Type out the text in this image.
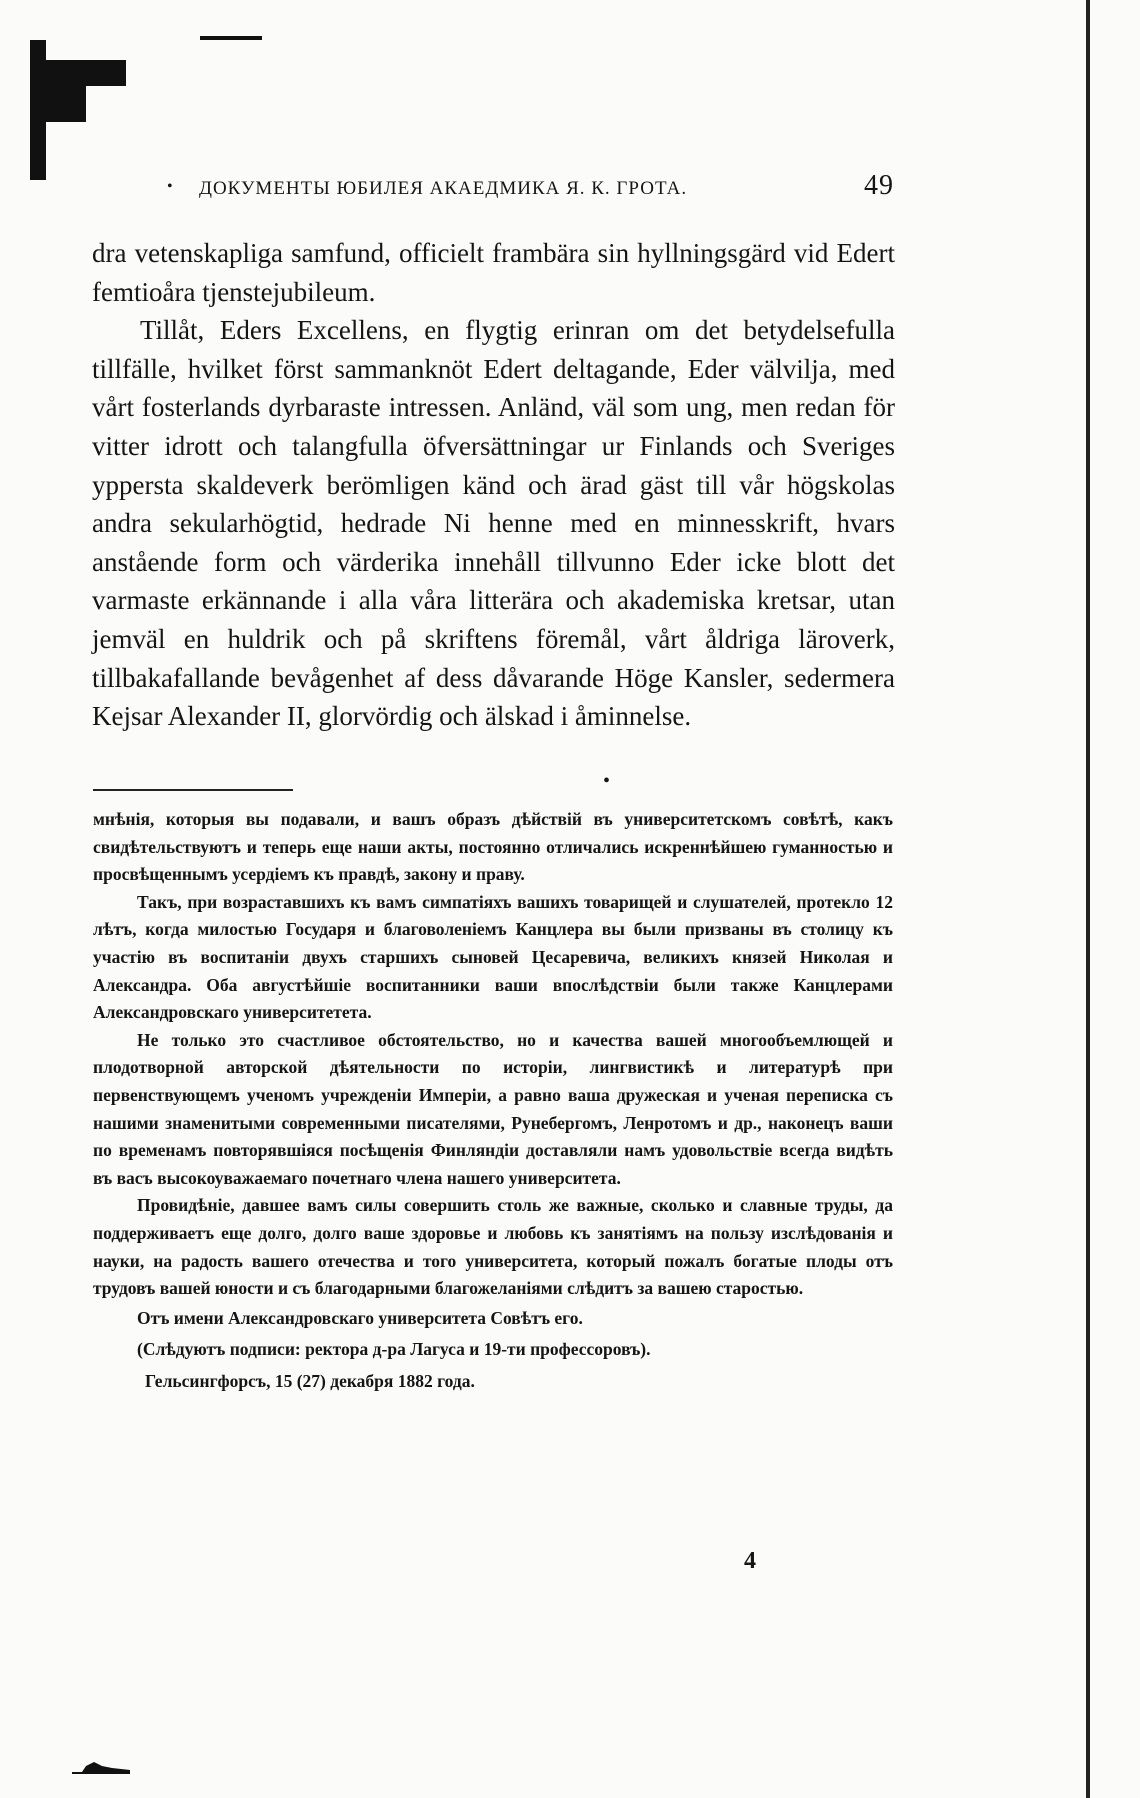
• ДОКУМЕНТЫ ЮБИЛЕЯ АКАЕДМИКА Я. К. ГРОТА.	49

dra vetenskapliga samfund, officielt frambära sin hyllningsgärd vid Edert femtioåra tjenstejubileum.

Tillåt, Eders Excellens, en flygtig erinran om det betydelsefulla tillfälle, hvilket först sammanknöt Edert deltagande, Eder välvilja, med vårt fosterlands dyrbaraste intressen. Anländ, väl som ung, men redan för vitter idrott och talangfulla öfversättningar ur Finlands och Sveriges yppersta skaldeverk berömligen känd och ärad gäst till vår högskolas andra sekularhögtid, hedrade Ni henne med en minnesskrift, hvars anstående form och värderika innehåll tillvunno Eder icke blott det varmaste erkännande i alla våra litterära och akademiska kretsar, utan jemväl en huldrik och på skriftens föremål, vårt åldriga läroverk, tillbakafallande bevågenhet af dess dåvarande Höge Kansler, sedermera Kejsar Alexander II, glorvördig och älskad i åminnelse.

•

мнѣнія, которыя вы подавали, и вашъ образъ дѣйствій въ университетскомъ совѣтѣ, какъ свидѣтельствуютъ и теперь еще наши акты, постоянно отличались искреннѣйшею гуманностью и просвѣщеннымъ усердіемъ къ правдѣ, закону и праву.

Такъ, при возраставшихъ къ вамъ симпатіяхъ вашихъ товарищей и слушателей, протекло 12 лѣтъ, когда милостью Государя и благоволеніемъ Канцлера вы были призваны въ столицу къ участію въ воспитаніи двухъ старшихъ сыновей Цесаревича, великихъ князей Николая и Александра. Оба августѣйшіе воспитанники ваши впослѣдствіи были также Канцлерами Александровскаго университетета.

Не только это счастливое обстоятельство, но и качества вашей многообъемлющей и плодотворной авторской дѣятельности по исторіи, лингвистикѣ и литературѣ при первенствующемъ ученомъ учрежденіи Имперіи, а равно ваша дружеская и ученая переписка съ нашими знаменитыми современными писателями, Рунебергомъ, Ленротомъ и др., наконецъ ваши по временамъ повторявшіяся посѣщенія Финляндіи доставляли намъ удовольствіе всегда видѣть въ васъ высокоуважаемаго почетнаго члена нашего университета.

Провидѣніе, давшее вамъ силы совершить столь же важные, сколько и славные труды, да поддерживаетъ еще долго, долго ваше здоровье и любовь къ занятіямъ на пользу изслѣдованія и науки, на радость вашего отечества и того университета, который пожалъ богатые плоды отъ трудовъ вашей юности и съ благодарными благожеланіями слѣдитъ за вашею старостью.

Отъ имени Александровскаго университета Совѣтъ его.

(Слѣдуютъ подписи: ректора д-ра Лагуса и 19-ти профессоровъ).

Гельсингфорсъ, 15 (27) декабря 1882 года.

4
